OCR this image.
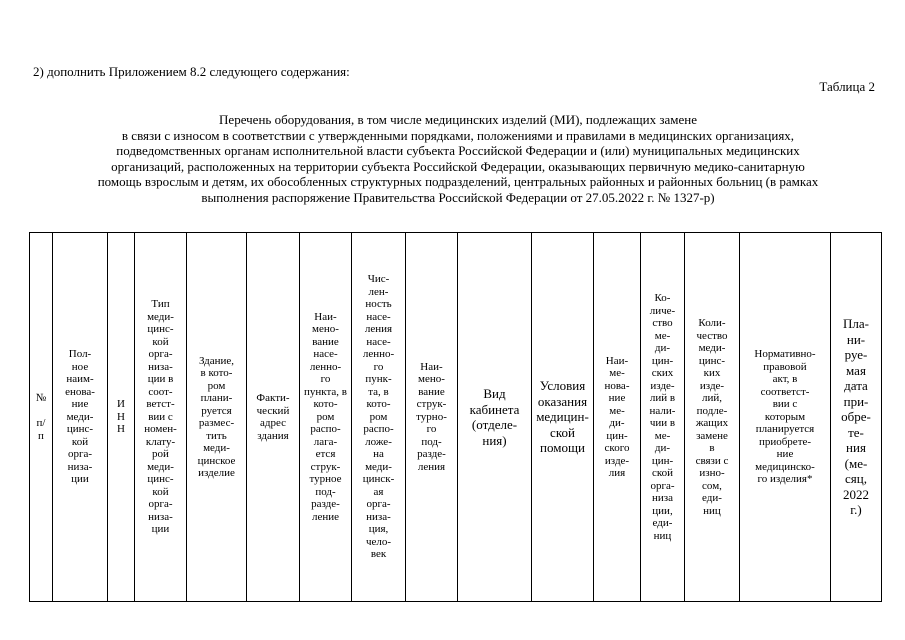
2) дополнить Приложением 8.2 следующего содержания:
Таблица 2
Перечень оборудования, в том числе медицинских изделий (МИ), подлежащих замене
в связи с износом в соответствии с утвержденными порядками, положениями и правилами в медицинских организациях,
подведомственных органам исполнительной власти субъекта Российской Федерации и (или) муниципальных медицинских
организаций, расположенных на территории субъекта Российской Федерации, оказывающих первичную медико-санитарную
помощь взрослым и детям, их обособленных структурных подразделений, центральных районных и районных больниц (в рамках
выполнения распоряжение Правительства Российской Федерации от 27.05.2022 г. № 1327-р)
№

п/
п

Пол-
ное
наим-
енова-
ние
меди-
цинс-
кой
орга-
низа-
ции

И
Н
Н

Тип
меди-
цинс-
кой
орга-
низа-
ции в
соот-
ветст-
вии с
номен-
клату-
рой
меди-
цинс-
кой
орга-
низа-
ции

Здание,
в кото-
ром
плани-
руется
размес-
тить
меди-
цинское
изделие

Факти-
ческий
адрес
здания

Наи-
мено-
вание
насе-
ленно-
го
пункта, в
кото-
ром
распо-
лага-
ется
струк-
турное
под-
разде-
ление

Чис-
лен-
ность
насе-
ления
насе-
ленно-
го
пунк-
та, в
кото-
ром
распо-
ложе-
на
меди-
цинск-
ая
орга-
низа-
ция,
чело-
век

Наи-
мено-
вание
струк-
турно-
го
под-
разде-
ления

Вид
кабинета
(отделе-
ния)

Условия
оказания
медицин-
ской
помощи

Наи-
ме-
нова-
ние
ме-
ди-
цин-
ского
изде-
лия

Ко-
личе-
ство
ме-
ди-
цин-
ских
изде-
лий в
нали-
чии в
ме-
ди-
цин-
ской
орга-
низа
ции,
еди-
ниц

Коли-
чество
меди-
цинс-
ких
изде-
лий,
подле-
жащих
замене
в
связи с
изно-
сом,
еди-
ниц

Нормативно-
правовой
акт, в
соответст-
вии с
которым
планируется
приобрете-
ние
медицинско-
го изделия*

Пла-
ни-
руе-
мая
дата
при-
обре-
те-
ния
(ме-
сяц,
2022
г.)
